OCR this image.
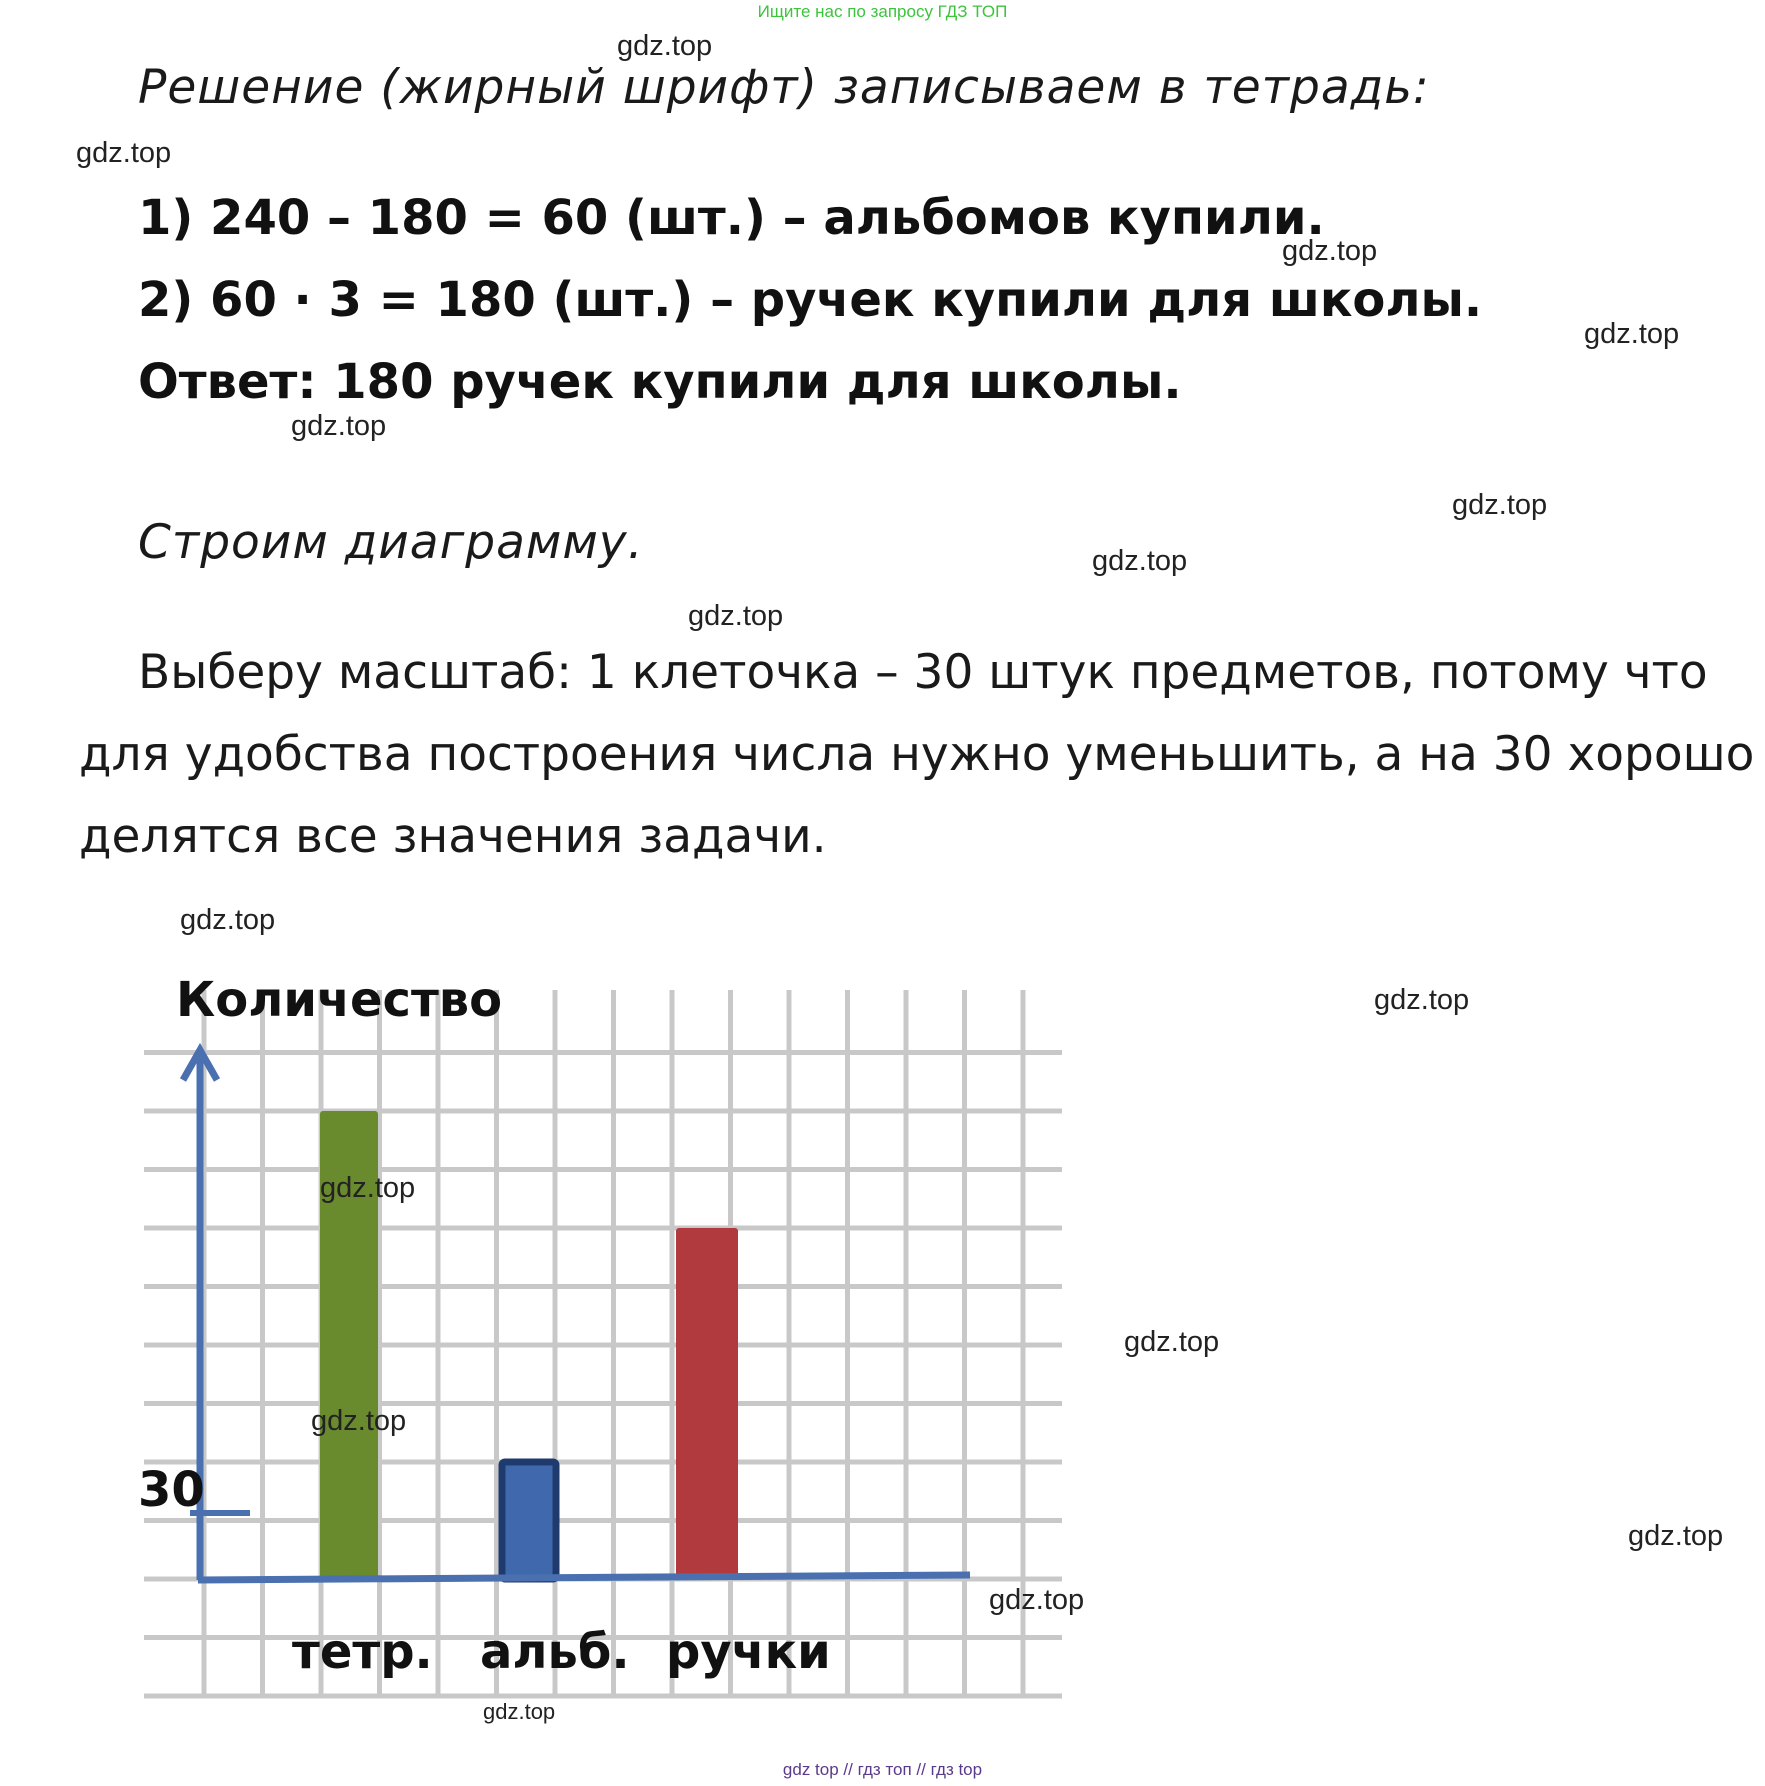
Ищите нас по запросу ГДЗ ТОП
Решение (жирный шрифт) записываем в тетрадь:
1) 240 – 180 = 60 (шт.) – альбомов купили.
2) 60 · 3 = 180 (шт.) – ручек купили для школы.
Ответ: 180 ручек купили для школы.
Строим диаграмму.
Выберу масштаб: 1 клеточка – 30 штук предметов, потому что
для удобства построения числа нужно уменьшить, а на 30 хорошо
делятся все значения задачи.
Количество
30
тетр. альб. ручки
gdz.top
gdz.top
gdz.top
gdz.top
gdz.top
gdz.top
gdz.top
gdz.top
gdz.top
gdz.top
gdz.top
gdz.top
gdz.top
gdz.top
gdz.top
gdz.top
gdz top // гдз топ // гдз top
